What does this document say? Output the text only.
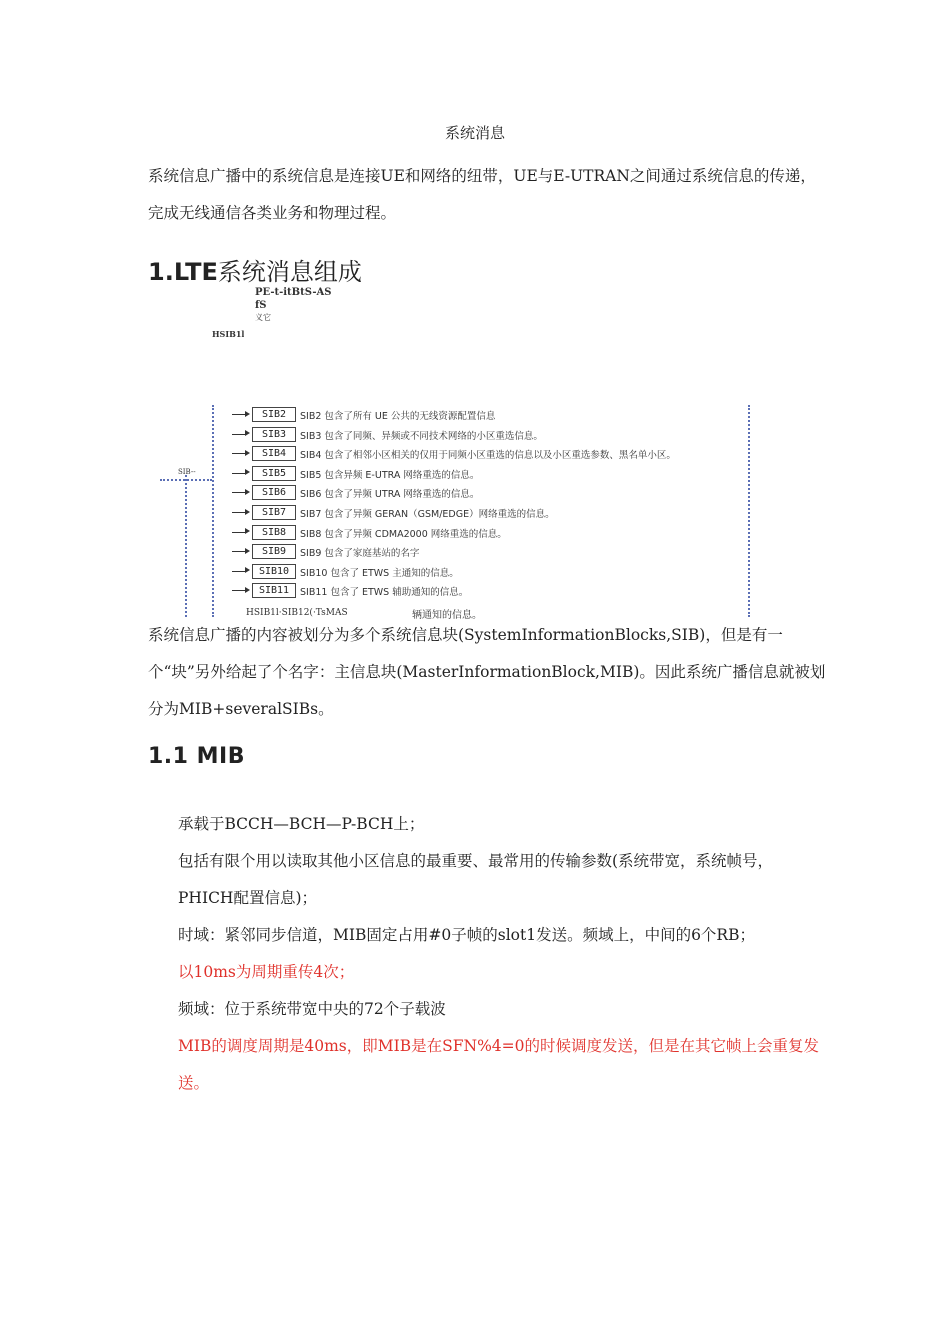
系统消息
系统信息广播中的系统信息是连接UE和网络的纽带，UE与E-UTRAN之间通过系统信息的传递，完成无线通信各类业务和物理过程。
1.LTE系统消息组成
PE-t-itBtS-AS
fS
义它
HSIB1l
SIB--
SIB2	SIB2 包含了所有 UE 公共的无线资源配置信息
SIB3	SIB3 包含了同频、异频或不同技术网络的小区重选信息。
SIB4	SIB4 包含了相邻小区相关的仅用于同频小区重选的信息以及小区重选参数、黑名单小区。
SIB5	SIB5 包含异频 E-UTRA 网络重选的信息。
SIB6	SIB6 包含了异频 UTRA 网络重选的信息。
SIB7	SIB7 包含了异频 GERAN（GSM/EDGE）网络重选的信息。
SIB8	SIB8 包含了异频 CDMA2000 网络重选的信息。
SIB9	SIB9 包含了家庭基站的名字
SIB10	SIB10 包含了 ETWS 主通知的信息。
SIB11	SIB11 包含了 ETWS 辅助通知的信息。
HSIB1l·SIB12(·TsMAS	辆通知的信息。
系统信息广播的内容被划分为多个系统信息块(SystemInformationBlocks,SIB)，但是有一个“块”另外给起了个名字：主信息块(MasterInformationBlock,MIB)。因此系统广播信息就被划分为MIB+severalSIBs。
1.1 MIB
承载于BCCH—BCH—P-BCH上；
包括有限个用以读取其他小区信息的最重要、最常用的传输参数(系统带宽，系统帧号，PHICH配置信息)；
时域：紧邻同步信道，MIB固定占用#0子帧的slot1发送。频域上，中间的6个RB；
以10ms为周期重传4次；
频域：位于系统带宽中央的72个子载波
MIB的调度周期是40ms，即MIB是在SFN%4=0的时候调度发送，但是在其它帧上会重复发送。
